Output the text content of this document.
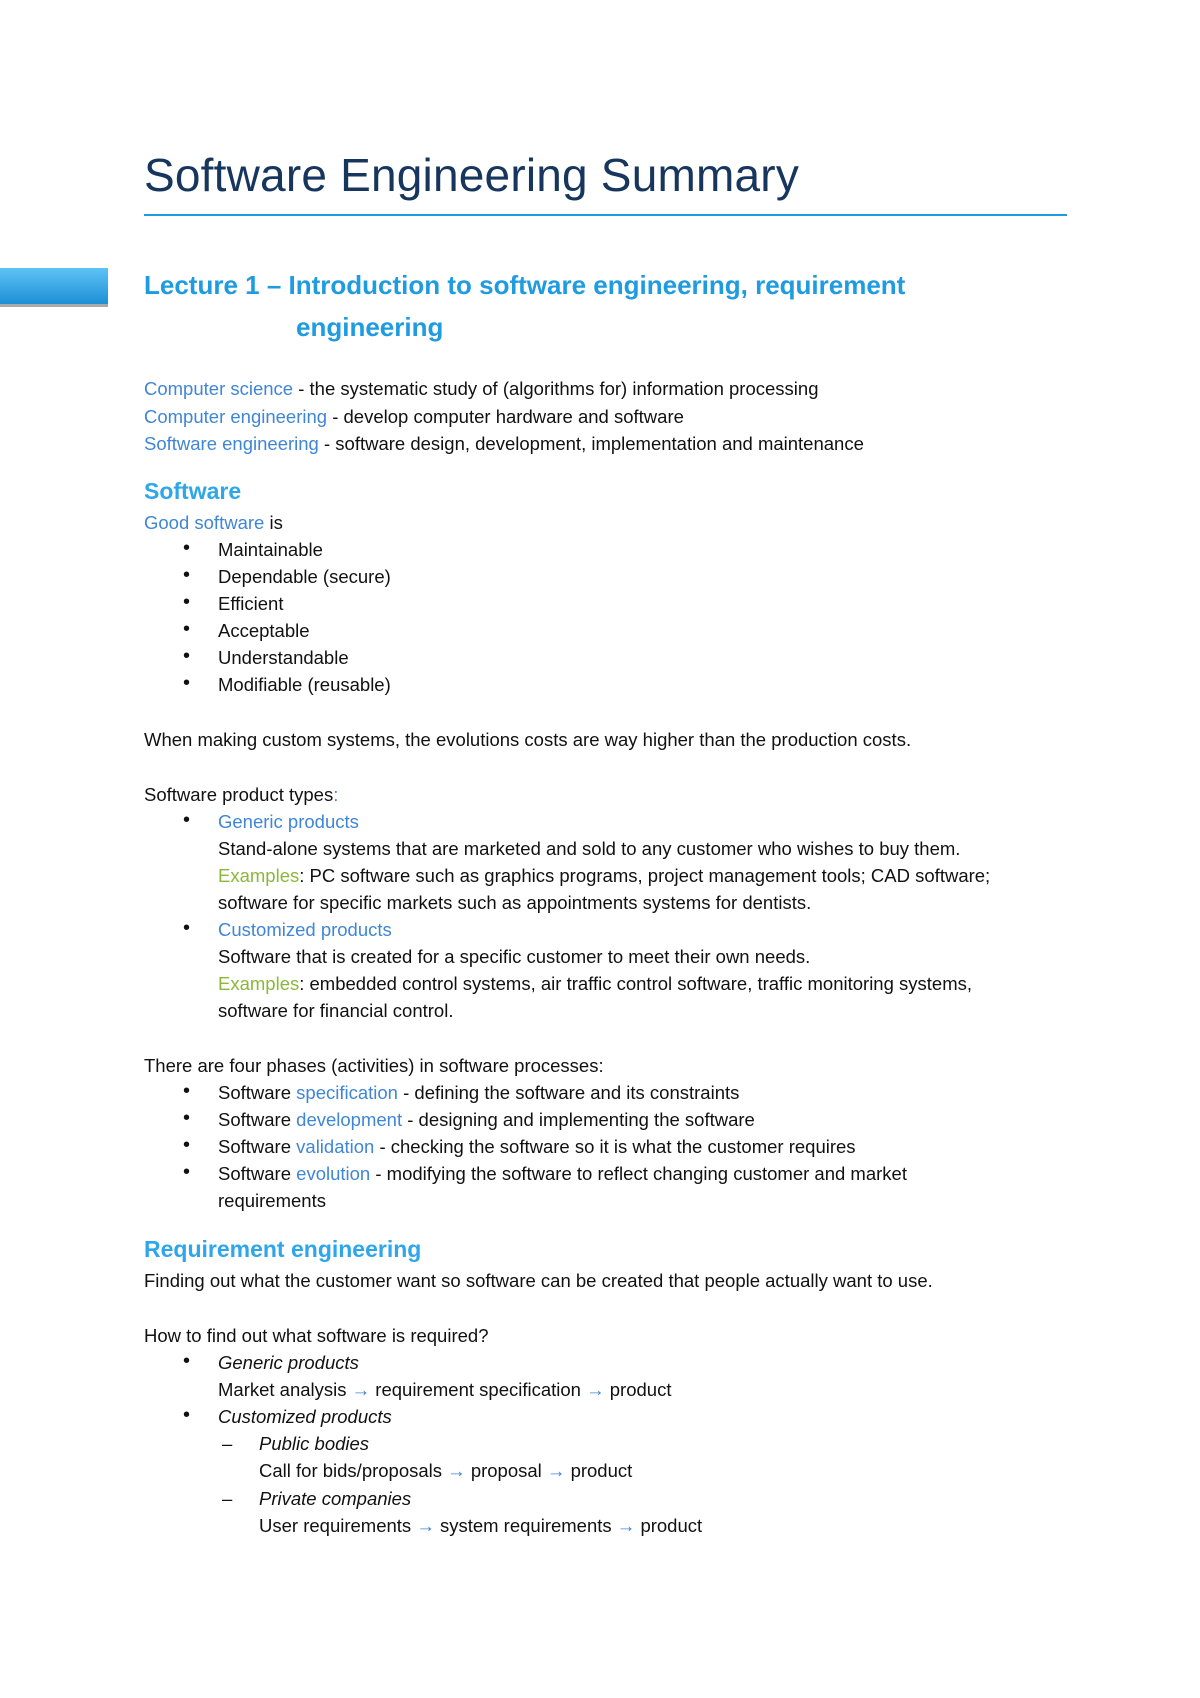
Software Engineering Summary
Lecture 1 – Introduction to software engineering, requirement
engineering
Computer science - the systematic study of (algorithms for) information processing
Computer engineering - develop computer hardware and software
Software engineering - software design, development, implementation and maintenance
Software
Good software is
• Maintainable
• Dependable (secure)
• Efficient
• Acceptable
• Understandable
• Modifiable (reusable)
When making custom systems, the evolutions costs are way higher than the production costs.
Software product types:
• Generic products
Stand-alone systems that are marketed and sold to any customer who wishes to buy them.
Examples: PC software such as graphics programs, project management tools; CAD software;
software for specific markets such as appointments systems for dentists.
• Customized products
Software that is created for a specific customer to meet their own needs.
Examples: embedded control systems, air traffic control software, traffic monitoring systems,
software for financial control.
There are four phases (activities) in software processes:
• Software specification - defining the software and its constraints
• Software development - designing and implementing the software
• Software validation - checking the software so it is what the customer requires
• Software evolution - modifying the software to reflect changing customer and market
requirements
Requirement engineering
Finding out what the customer want so software can be created that people actually want to use.
How to find out what software is required?
• Generic products
Market analysis → requirement specification → product
• Customized products
– Public bodies
Call for bids/proposals → proposal → product
– Private companies
User requirements → system requirements → product
